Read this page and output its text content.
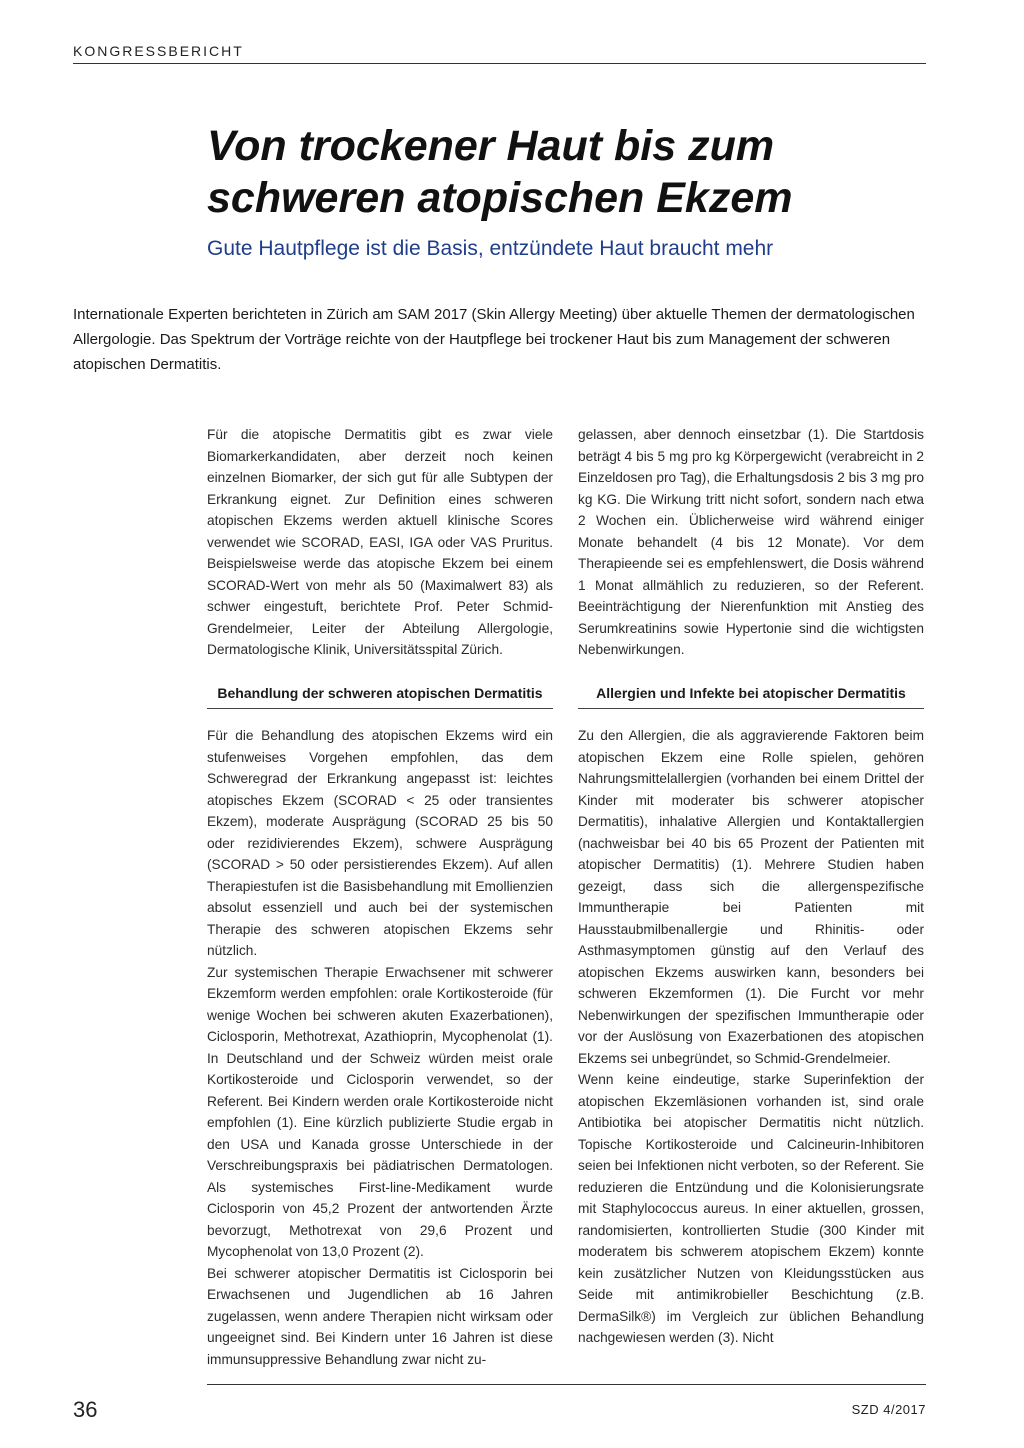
KONGRESSBERICHT
Von trockener Haut bis zum schweren atopischen Ekzem
Gute Hautpflege ist die Basis, entzündete Haut braucht mehr

Internationale Experten berichteten in Zürich am SAM 2017 (Skin Allergy Meeting) über aktuelle Themen der dermatologischen Allergologie. Das Spektrum der Vorträge reichte von der Hautpflege bei trockener Haut bis zum Management der schweren atopischen Dermatitis.

Für die atopische Dermatitis gibt es zwar viele Biomarkerkandidaten, aber derzeit noch keinen einzelnen Biomarker, der sich gut für alle Subtypen der Erkrankung eignet. Zur Definition eines schweren atopischen Ekzems werden aktuell klinische Scores verwendet wie SCORAD, EASI, IGA oder VAS Pruritus. Beispielsweise werde das atopische Ekzem bei einem SCORAD-Wert von mehr als 50 (Maximalwert 83) als schwer eingestuft, berichtete Prof. Peter Schmid-Grendelmeier, Leiter der Abteilung Allergologie, Dermatologische Klinik, Universitätsspital Zürich.

gelassen, aber dennoch einsetzbar (1). Die Startdosis beträgt 4 bis 5 mg pro kg Körpergewicht (verabreicht in 2 Einzeldosen pro Tag), die Erhaltungsdosis 2 bis 3 mg pro kg KG. Die Wirkung tritt nicht sofort, sondern nach etwa 2 Wochen ein. Üblicherweise wird während einiger Monate behandelt (4 bis 12 Monate). Vor dem Therapieende sei es empfehlenswert, die Dosis während 1 Monat allmählich zu reduzieren, so der Referent. Beeinträchtigung der Nierenfunktion mit Anstieg des Serumkreatinins sowie Hypertonie sind die wichtigsten Nebenwirkungen.

Behandlung der schweren atopischen Dermatitis	Allergien und Infekte bei atopischer Dermatitis

Für die Behandlung des atopischen Ekzems wird ein stufenweises Vorgehen empfohlen, das dem Schweregrad der Erkrankung angepasst ist: leichtes atopisches Ekzem (SCORAD < 25 oder transientes Ekzem), moderate Ausprägung (SCORAD 25 bis 50 oder rezidivierendes Ekzem), schwere Ausprägung (SCORAD > 50 oder persistierendes Ekzem). Auf allen Therapiestufen ist die Basisbehandlung mit Emollienzien absolut essenziell und auch bei der systemischen Therapie des schweren atopischen Ekzems sehr nützlich.

Zur systemischen Therapie Erwachsener mit schwerer Ekzemform werden empfohlen: orale Kortikosteroide (für wenige Wochen bei schweren akuten Exazerbationen), Ciclosporin, Methotrexat, Azathioprin, Mycophenolat (1). In Deutschland und der Schweiz würden meist orale Kortikosteroide und Ciclosporin verwendet, so der Referent. Bei Kindern werden orale Kortikosteroide nicht empfohlen (1). Eine kürzlich publizierte Studie ergab in den USA und Kanada grosse Unterschiede in der Verschreibungspraxis bei pädiatrischen Dermatologen. Als systemisches First-line-Medikament wurde Ciclosporin von 45,2 Prozent der antwortenden Ärzte bevorzugt, Methotrexat von 29,6 Prozent und Mycophenolat von 13,0 Prozent (2).

Bei schwerer atopischer Dermatitis ist Ciclosporin bei Erwachsenen und Jugendlichen ab 16 Jahren zugelassen, wenn andere Therapien nicht wirksam oder ungeeignet sind. Bei Kindern unter 16 Jahren ist diese immunsuppressive Behandlung zwar nicht zu-

Zu den Allergien, die als aggravierende Faktoren beim atopischen Ekzem eine Rolle spielen, gehören Nahrungsmittelallergien (vorhanden bei einem Drittel der Kinder mit moderater bis schwerer atopischer Dermatitis), inhalative Allergien und Kontaktallergien (nachweisbar bei 40 bis 65 Prozent der Patienten mit atopischer Dermatitis) (1). Mehrere Studien haben gezeigt, dass sich die allergenspezifische Immuntherapie bei Patienten mit Hausstaubmilbenallergie und Rhinitis- oder Asthmasymptomen günstig auf den Verlauf des atopischen Ekzems auswirken kann, besonders bei schweren Ekzemformen (1). Die Furcht vor mehr Nebenwirkungen der spezifischen Immuntherapie oder vor der Auslösung von Exazerbationen des atopischen Ekzems sei unbegründet, so Schmid-Grendelmeier.

Wenn keine eindeutige, starke Superinfektion der atopischen Ekzemläsionen vorhanden ist, sind orale Antibiotika bei atopischer Dermatitis nicht nützlich. Topische Kortikosteroide und Calcineurin-Inhibitoren seien bei Infektionen nicht verboten, so der Referent. Sie reduzieren die Entzündung und die Kolonisierungsrate mit Staphylococcus aureus. In einer aktuellen, grossen, randomisierten, kontrollierten Studie (300 Kinder mit moderatem bis schwerem atopischem Ekzem) konnte kein zusätzlicher Nutzen von Kleidungsstücken aus Seide mit antimikrobieller Beschichtung (z.B. DermaSilk®) im Vergleich zur üblichen Behandlung nachgewiesen werden (3). Nicht

36	SZD 4/2017
